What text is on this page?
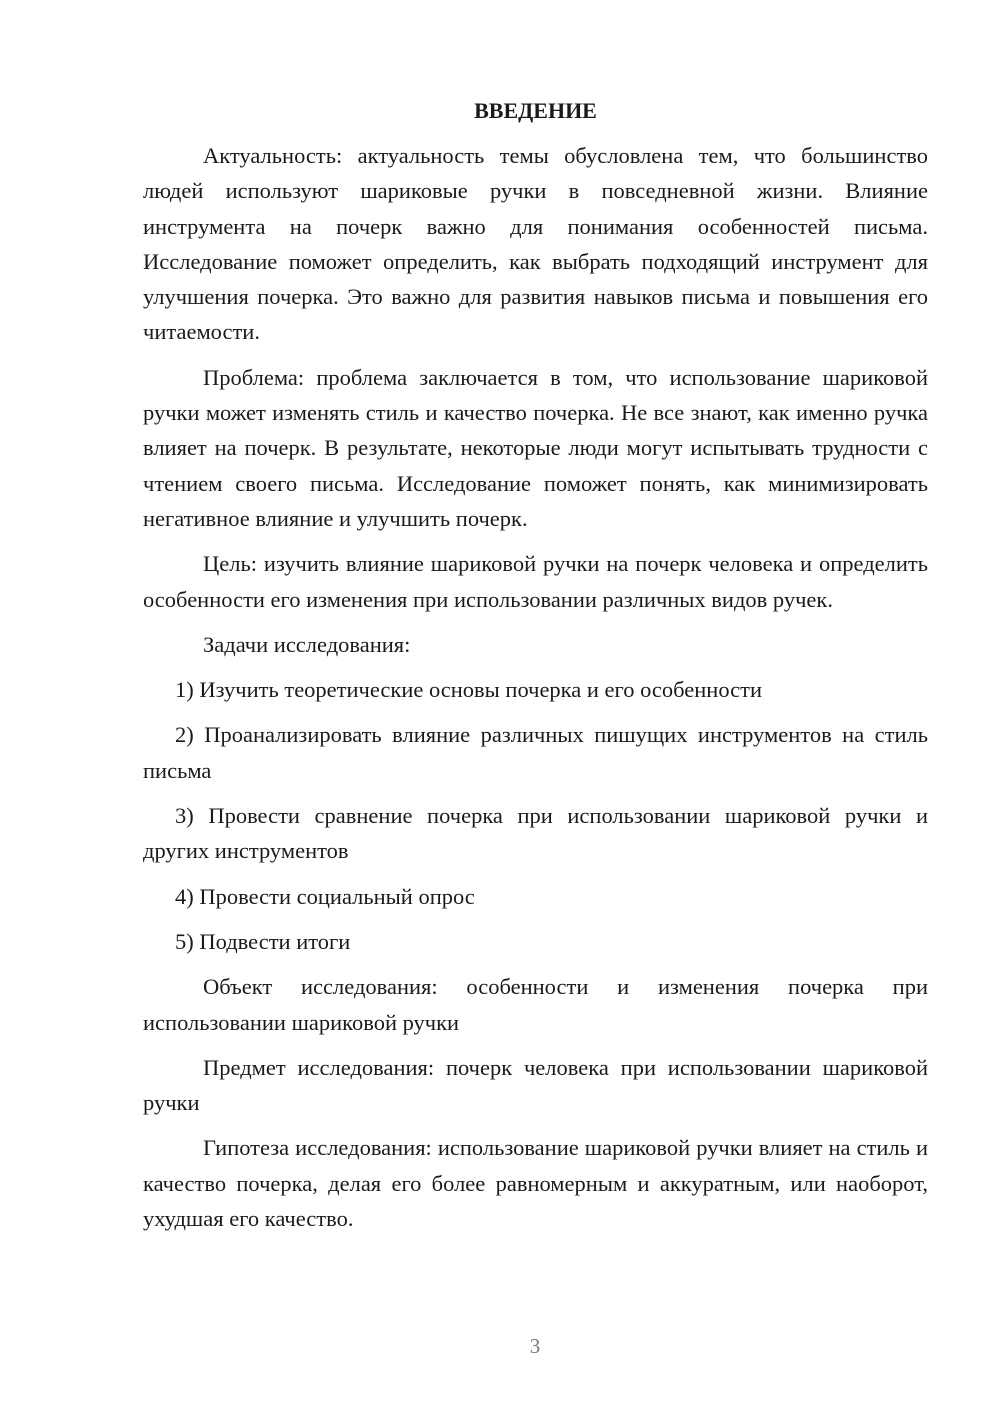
ВВЕДЕНИЕ

Актуальность: актуальность темы обусловлена тем, что большинство людей используют шариковые ручки в повседневной жизни. Влияние инструмента на почерк важно для понимания особенностей письма. Исследование поможет определить, как выбрать подходящий инструмент для улучшения почерка. Это важно для развития навыков письма и повышения его читаемости.

Проблема: проблема заключается в том, что использование шариковой ручки может изменять стиль и качество почерка. Не все знают, как именно ручка влияет на почерк. В результате, некоторые люди могут испытывать трудности с чтением своего письма. Исследование поможет понять, как минимизировать негативное влияние и улучшить почерк.

Цель: изучить влияние шариковой ручки на почерк человека и определить особенности его изменения при использовании различных видов ручек.

Задачи исследования:

1) Изучить теоретические основы почерка и его особенности

2) Проанализировать влияние различных пишущих инструментов на стиль письма

3) Провести сравнение почерка при использовании шариковой ручки и других инструментов

4) Провести социальный опрос

5) Подвести итоги

Объект исследования: особенности и изменения почерка при использовании шариковой ручки

Предмет исследования: почерк человека при использовании шариковой ручки

Гипотеза исследования: использование шариковой ручки влияет на стиль и качество почерка, делая его более равномерным и аккуратным, или наоборот, ухудшая его качество.

3
